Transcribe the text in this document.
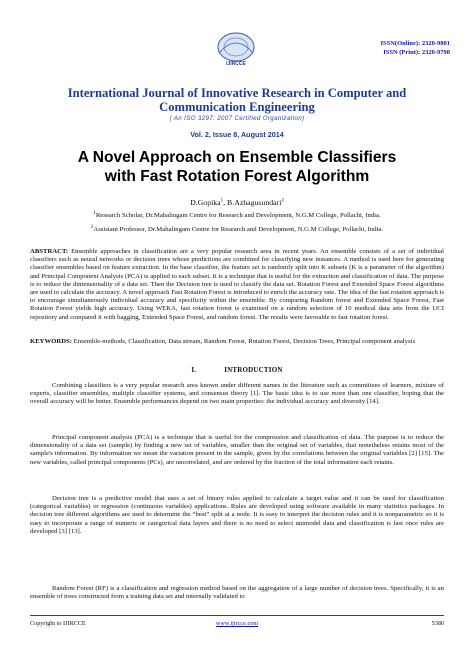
IJIRCCE
ISSN(Online): 2320-9801
ISSN (Print): 2320-9798
International Journal of Innovative Research in Computer and Communication Engineering
( An ISO 3297: 2007 Certified Organization)
Vol. 2, Issue 8, August 2014
A Novel Approach on Ensemble Classifiers
with Fast Rotation Forest Algorithm
D.Gopika$^1$, B.Azhagusundari$^2$
$^1$Research Scholar, Dr.Mahalingam Centre for Research and Development, N.G.M College, Pollachi, India.
$^2$Assistant Professor, Dr.Mahalingam Centre for Research and Development, N.G.M College, Pollachi, India.
ABSTRACT: Ensemble approaches in classification are a very popular research area in recent years. An ensemble consists of a set of individual classifiers such as neural networks or decision trees whose predictions are combined for classifying new instances. A method is used here for generating classifier ensembles based on feature extraction. In the base classifier, the feature set is randomly split into K subsets (K is a parameter of the algorithm) and Principal Component Analysis (PCA) is applied to each subset. It is a technique that is useful for the extraction and classification of data. The purpose is to reduce the dimensionality of a data set. Then the Decision tree is used to classify the data set. Rotation Forest and Extended Space Forest algorithms are used to calculate the accuracy. A novel approach Fast Rotation Forest is introduced to enrich the accuracy rate. The idea of the fast rotation approach is to encourage simultaneously individual accuracy and specificity within the ensemble. By comparing Random forest and Extended Space Forest, Fast Rotation Forest yields high accuracy. Using WEKA, fast rotation forest is examined on a random selection of 10 medical data sets from the UCI repository and compared it with bagging, Extended Space Forest, and random forest. The results were favorable to fast rotation forest.
KEYWORDS: Ensemble-methods, Classification, Data stream, Random Forest, Rotation Forest, Decision Trees, Principal component analysis
I.	INTRODUCTION
Combining classifiers is a very popular research area known under different names in the literature such as committees of learners, mixture of experts, classifier ensembles, multiple classifier systems, and consensus theory [1]. The basic idea is to use more than one classifier, hoping that the overall accuracy will be better. Ensemble performances depend on two main properties: the individual accuracy and diversity [14].
Principal component analysis (PCA) is a technique that is useful for the compression and classification of data. The purpose is to reduce the dimensionality of a data set (sample) by finding a new set of variables, smaller than the original set of variables, that nonetheless retains most of the sample's information. By information we mean the variation present in the sample, given by the correlations between the original variables [2] [15]. The new variables, called principal components (PCs), are uncorrelated, and are ordered by the fraction of the total information each retains.
Decision tree is a predictive model that uses a set of binary rules applied to calculate a target value and it can be used for classification (categorical variables) or regression (continuous variables) applications. Rules are developed using software available in many statistics packages. In decision tree different algorithms are used to determine the “best” split at a node. It is easy to interpret the decision rules and it is nonparametric so it is easy to incorporate a range of numeric or categorical data layers and there is no need to select unimodel data and classification is fast once rules are developed [3] [13].
Random Forest (RF) is a classification and regression method based on the aggregation of a large number of decision trees. Specifically, it is an ensemble of trees constructed from a training data set and internally validated to
Copyright to IJIRCCE	www.ijircce.com	5380
